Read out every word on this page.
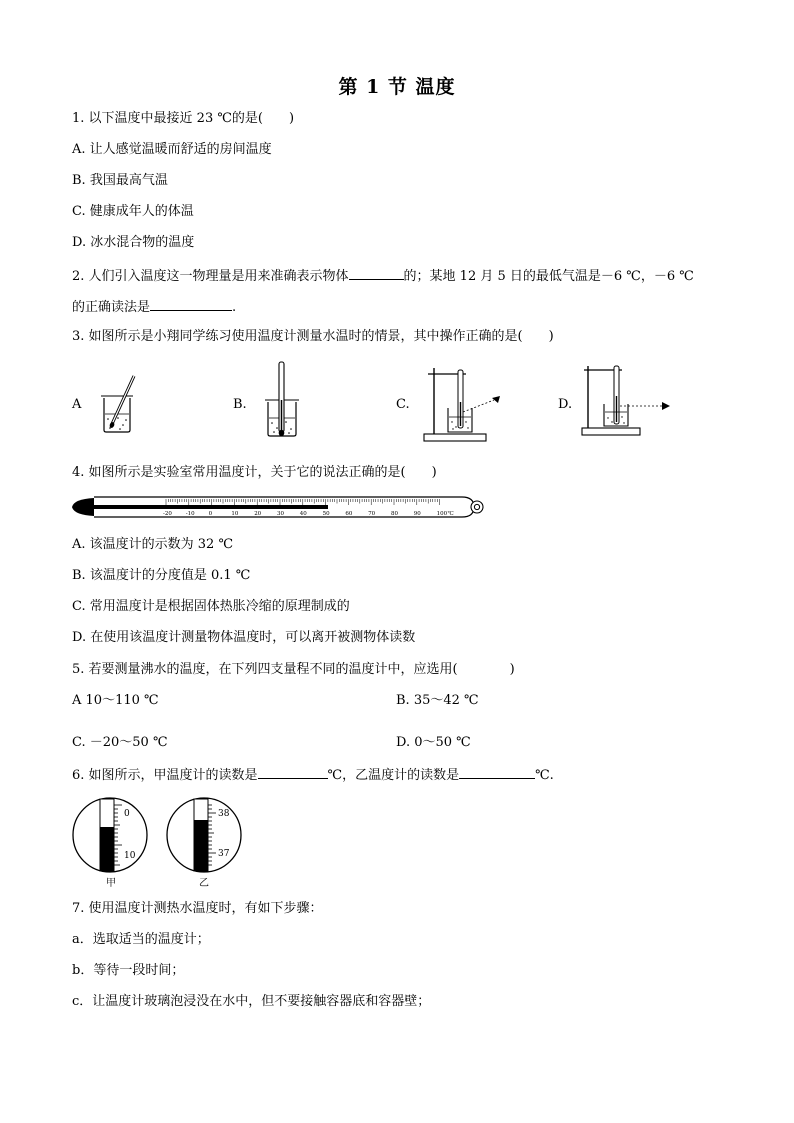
第 1 节 温度
1. 以下温度中最接近 23 ℃的是(　　)
A. 让人感觉温暖而舒适的房间温度
B. 我国最高气温
C. 健康成年人的体温
D. 冰水混合物的温度
2. 人们引入温度这一物理量是用来准确表示物体	的；某地 12 月 5 日的最低气温是－6 ℃，－6 ℃
的正确读法是	.
3. 如图所示是小翔同学练习使用温度计测量水温时的情景，其中操作正确的是(　　)
A	B.	C.	D.
4. 如图所示是实验室常用温度计，关于它的说法正确的是(　　)
-20	-10	0	10	20	30	40	50	60	70	80	90	100 ℃
A. 该温度计的示数为 32 ℃
B. 该温度计的分度值是 0.1 ℃
C. 常用温度计是根据固体热胀冷缩的原理制成的
D. 在使用该温度计测量物体温度时，可以离开被测物体读数
5. 若要测量沸水的温度，在下列四支量程不同的温度计中，应选用(　　　　)
A 10～110 ℃	B. 35～42 ℃
C. －20～50 ℃	D. 0～50 ℃
6. 如图所示，甲温度计的读数是	℃，乙温度计的读数是	℃.
0
10
甲
38
37
乙
7. 使用温度计测热水温度时，有如下步骤：
a．选取适当的温度计；
b．等待一段时间；
c．让温度计玻璃泡浸没在水中，但不要接触容器底和容器壁；
